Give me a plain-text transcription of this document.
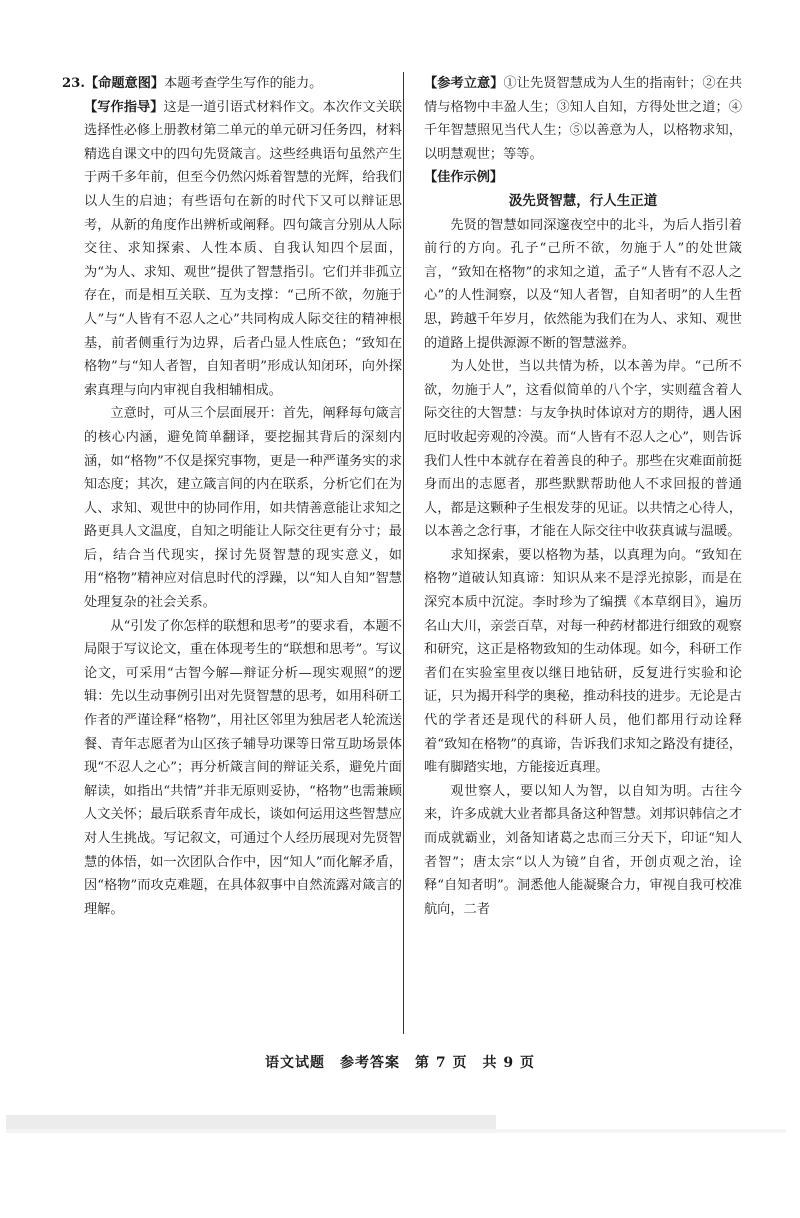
23.【命题意图】本题考查学生写作的能力。

【写作指导】这是一道引语式材料作文。本次作文关联选择性必修上册教材第二单元的单元研习任务四，材料精选自课文中的四句先贤箴言。这些经典语句虽然产生于两千多年前，但至今仍然闪烁着智慧的光辉，给我们以人生的启迪；有些语句在新的时代下又可以辩证思考，从新的角度作出辨析或阐释。四句箴言分别从人际交往、求知探索、人性本质、自我认知四个层面，为“为人、求知、观世”提供了智慧指引。它们并非孤立存在，而是相互关联、互为支撑：“己所不欲，勿施于人”与“人皆有不忍人之心”共同构成人际交往的精神根基，前者侧重行为边界，后者凸显人性底色；“致知在格物”与“知人者智，自知者明”形成认知闭环，向外探索真理与向内审视自我相辅相成。

立意时，可从三个层面展开：首先，阐释每句箴言的核心内涵，避免简单翻译，要挖掘其背后的深刻内涵，如“格物”不仅是探究事物，更是一种严谨务实的求知态度；其次，建立箴言间的内在联系，分析它们在为人、求知、观世中的协同作用，如共情善意能让求知之路更具人文温度，自知之明能让人际交往更有分寸；最后，结合当代现实，探讨先贤智慧的现实意义，如用“格物”精神应对信息时代的浮躁，以“知人自知”智慧处理复杂的社会关系。

从“引发了你怎样的联想和思考”的要求看，本题不局限于写议论文，重在体现考生的“联想和思考”。写议论文，可采用“古智今解—辩证分析—现实观照”的逻辑：先以生动事例引出对先贤智慧的思考，如用科研工作者的严谨诠释“格物”，用社区邻里为独居老人轮流送餐、青年志愿者为山区孩子辅导功课等日常互助场景体现“不忍人之心”；再分析箴言间的辩证关系，避免片面解读，如指出“共情”并非无原则妥协，“格物”也需兼顾人文关怀；最后联系青年成长，谈如何运用这些智慧应对人生挑战。写记叙文，可通过个人经历展现对先贤智慧的体悟，如一次团队合作中，因“知人”而化解矛盾，因“格物”而攻克难题，在具体叙事中自然流露对箴言的理解。

【参考立意】①让先贤智慧成为人生的指南针；②在共情与格物中丰盈人生；③知人自知，方得处世之道；④千年智慧照见当代人生；⑤以善意为人，以格物求知，以明慧观世；等等。

【佳作示例】

汲先贤智慧，行人生正道

先贤的智慧如同深邃夜空中的北斗，为后人指引着前行的方向。孔子“己所不欲，勿施于人”的处世箴言，“致知在格物”的求知之道，孟子“人皆有不忍人之心”的人性洞察，以及“知人者智，自知者明”的人生哲思，跨越千年岁月，依然能为我们在为人、求知、观世的道路上提供源源不断的智慧滋养。

为人处世，当以共情为桥，以本善为岸。“己所不欲，勿施于人”，这看似简单的八个字，实则蕴含着人际交往的大智慧：与友争执时体谅对方的期待，遇人困厄时收起旁观的冷漠。而“人皆有不忍人之心”，则告诉我们人性中本就存在着善良的种子。那些在灾难面前挺身而出的志愿者，那些默默帮助他人不求回报的普通人，都是这颗种子生根发芽的见证。以共情之心待人，以本善之念行事，才能在人际交往中收获真诚与温暖。

求知探索，要以格物为基，以真理为向。“致知在格物”道破认知真谛：知识从来不是浮光掠影，而是在深究本质中沉淀。李时珍为了编撰《本草纲目》，遍历名山大川，亲尝百草，对每一种药材都进行细致的观察和研究，这正是格物致知的生动体现。如今，科研工作者们在实验室里夜以继日地钻研，反复进行实验和论证，只为揭开科学的奥秘，推动科技的进步。无论是古代的学者还是现代的科研人员，他们都用行动诠释着“致知在格物”的真谛，告诉我们求知之路没有捷径，唯有脚踏实地，方能接近真理。

观世察人，要以知人为智，以自知为明。古往今来，许多成就大业者都具备这种智慧。刘邦识韩信之才而成就霸业，刘备知诸葛之忠而三分天下，印证“知人者智”；唐太宗“以人为镜”自省，开创贞观之治，诠释“自知者明”。洞悉他人能凝聚合力，审视自我可校准航向，二者

语文试题　参考答案　第 7 页　共 9 页
